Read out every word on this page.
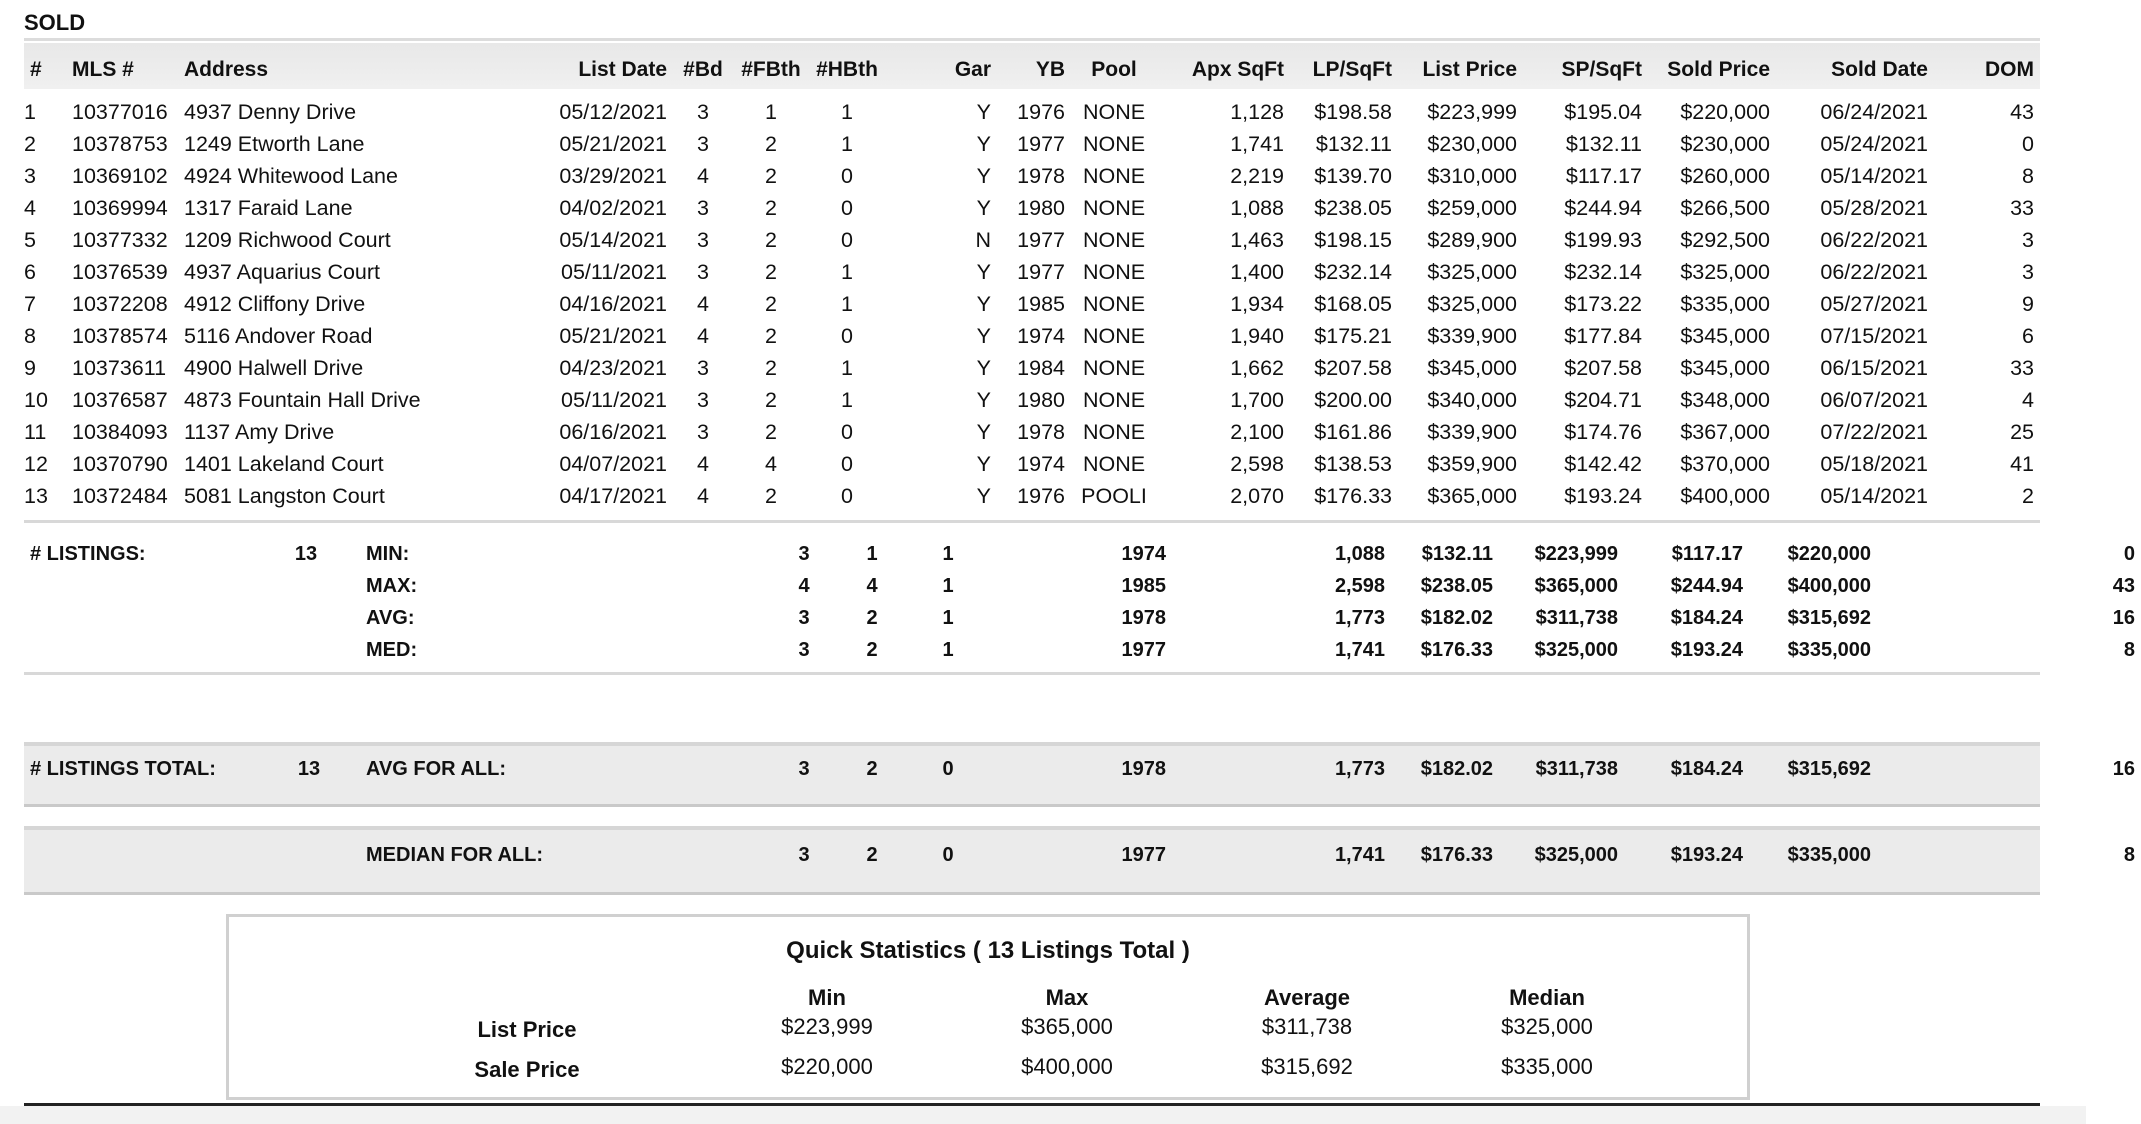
SOLD
#	MLS #	Address	List Date	#Bd	#FBth	#HBth	Gar	YB	Pool	Apx SqFt	LP/SqFt	List Price	SP/SqFt	Sold Price	Sold Date	DOM
1	10377016	4937 Denny Drive	05/12/2021	3	1	1	Y	1976	NONE	1,128	$198.58	$223,999	$195.04	$220,000	06/24/2021	43
2	10378753	1249 Etworth Lane	05/21/2021	3	2	1	Y	1977	NONE	1,741	$132.11	$230,000	$132.11	$230,000	05/24/2021	0
3	10369102	4924 Whitewood Lane	03/29/2021	4	2	0	Y	1978	NONE	2,219	$139.70	$310,000	$117.17	$260,000	05/14/2021	8
4	10369994	1317 Faraid Lane	04/02/2021	3	2	0	Y	1980	NONE	1,088	$238.05	$259,000	$244.94	$266,500	05/28/2021	33
5	10377332	1209 Richwood Court	05/14/2021	3	2	0	N	1977	NONE	1,463	$198.15	$289,900	$199.93	$292,500	06/22/2021	3
6	10376539	4937 Aquarius Court	05/11/2021	3	2	1	Y	1977	NONE	1,400	$232.14	$325,000	$232.14	$325,000	06/22/2021	3
7	10372208	4912 Cliffony Drive	04/16/2021	4	2	1	Y	1985	NONE	1,934	$168.05	$325,000	$173.22	$335,000	05/27/2021	9
8	10378574	5116 Andover Road	05/21/2021	4	2	0	Y	1974	NONE	1,940	$175.21	$339,900	$177.84	$345,000	07/15/2021	6
9	10373611	4900 Halwell Drive	04/23/2021	3	2	1	Y	1984	NONE	1,662	$207.58	$345,000	$207.58	$345,000	06/15/2021	33
10	10376587	4873 Fountain Hall Drive	05/11/2021	3	2	1	Y	1980	NONE	1,700	$200.00	$340,000	$204.71	$348,000	06/07/2021	4
11	10384093	1137 Amy Drive	06/16/2021	3	2	0	Y	1978	NONE	2,100	$161.86	$339,900	$174.76	$367,000	07/22/2021	25
12	10370790	1401 Lakeland Court	04/07/2021	4	4	0	Y	1974	NONE	2,598	$138.53	$359,900	$142.42	$370,000	05/18/2021	41
13	10372484	5081 Langston Court	04/17/2021	4	2	0	Y	1976	POOLI	2,070	$176.33	$365,000	$193.24	$400,000	05/14/2021	2
# LISTINGS:	13	MIN:	3	1	1		1974		1,088	$132.11	$223,999	$117.17	$220,000		0
		MAX:	4	4	1		1985		2,598	$238.05	$365,000	$244.94	$400,000		43
		AVG:	3	2	1		1978		1,773	$182.02	$311,738	$184.24	$315,692		16
		MED:	3	2	1		1977		1,741	$176.33	$325,000	$193.24	$335,000		8
# LISTINGS TOTAL:	13	AVG FOR ALL:	3	2	0		1978		1,773	$182.02	$311,738	$184.24	$315,692		16
		MEDIAN FOR ALL:	3	2	0		1977		1,741	$176.33	$325,000	$193.24	$335,000		8
Quick Statistics ( 13 Listings Total )
Min	Max	Average	Median
List Price	$223,999	$365,000	$311,738	$325,000
Sale Price	$220,000	$400,000	$315,692	$335,000
